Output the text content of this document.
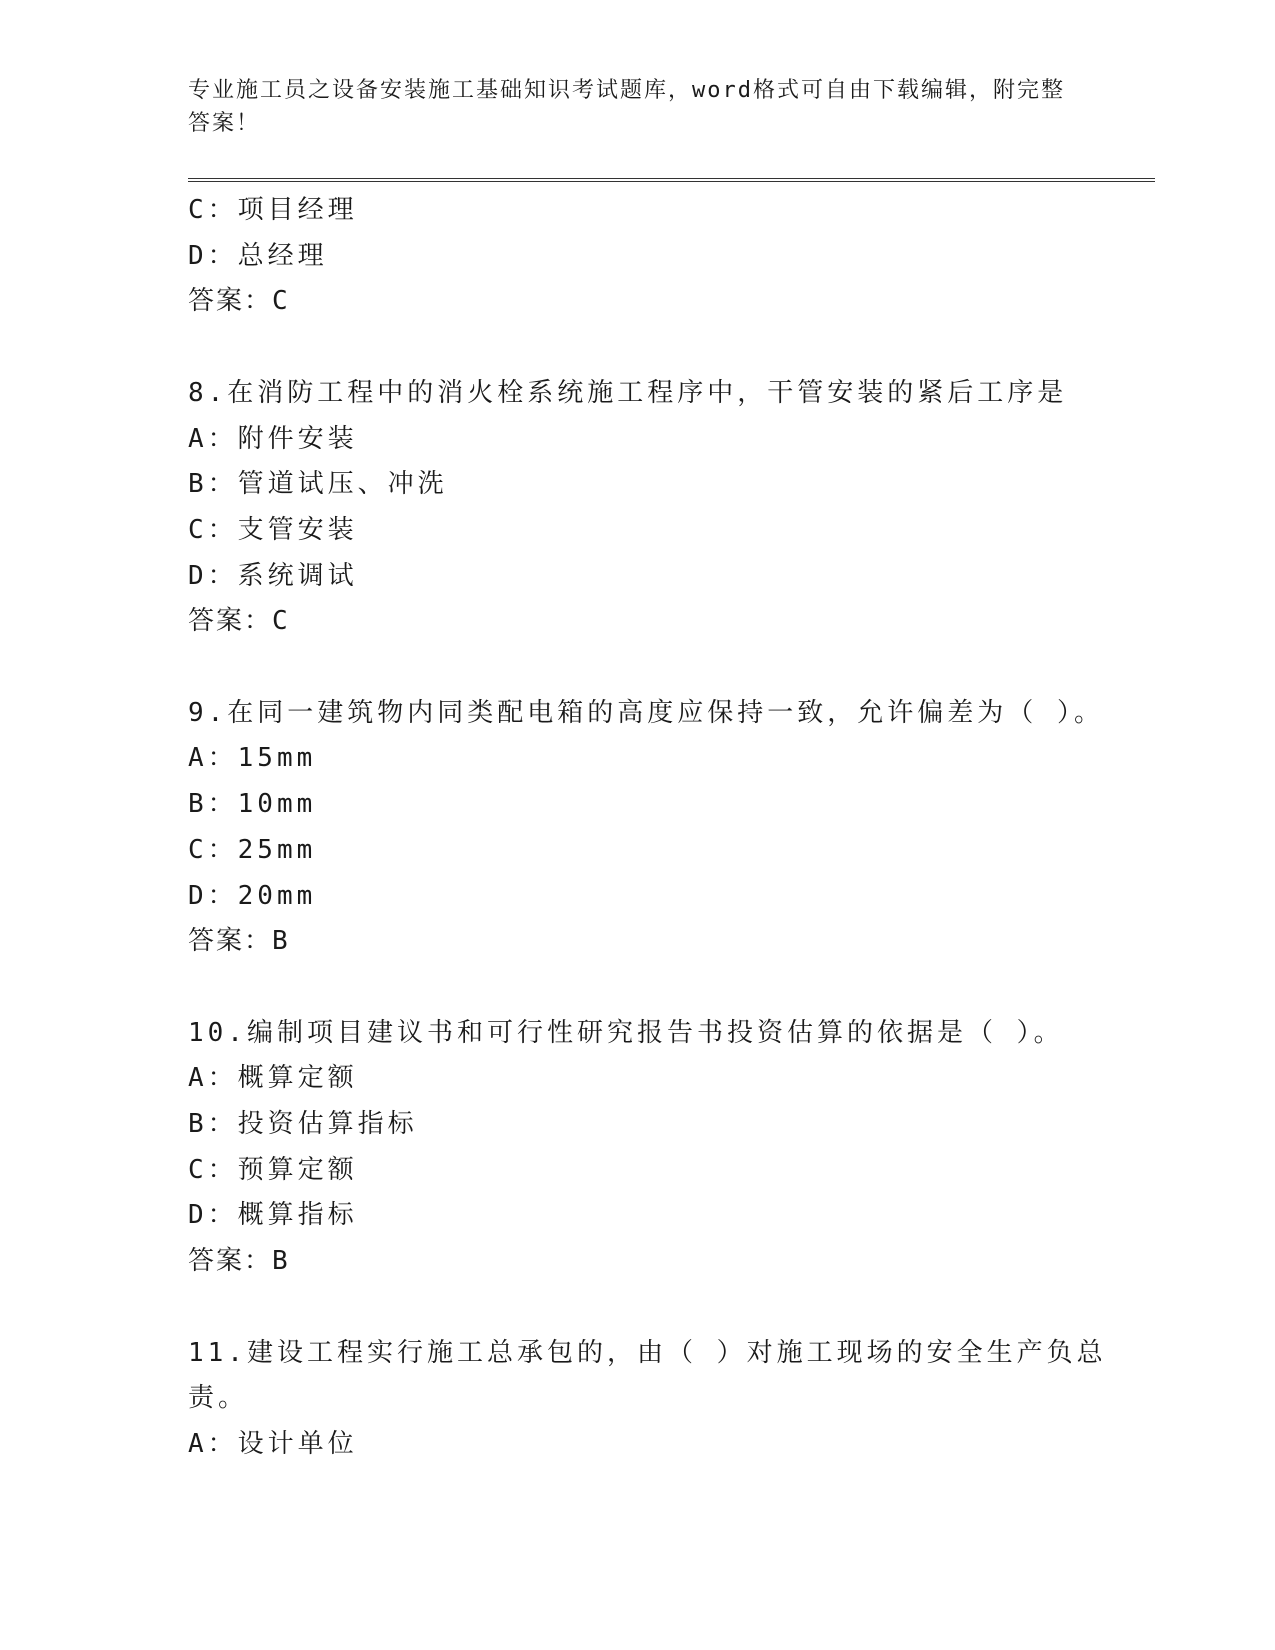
专业施工员之设备安装施工基础知识考试题库，word格式可自由下载编辑，附完整答案！
C：项目经理
D：总经理
答案：C
8.在消防工程中的消火栓系统施工程序中，干管安装的紧后工序是
A：附件安装
B：管道试压、冲洗
C：支管安装
D：系统调试
答案：C
9.在同一建筑物内同类配电箱的高度应保持一致，允许偏差为（ ）。
A：15mm
B：10mm
C：25mm
D：20mm
答案：B
10.编制项目建议书和可行性研究报告书投资估算的依据是（ ）。
A：概算定额
B：投资估算指标
C：预算定额
D：概算指标
答案：B
11.建设工程实行施工总承包的，由（ ）对施工现场的安全生产负总
责。
A：设计单位
